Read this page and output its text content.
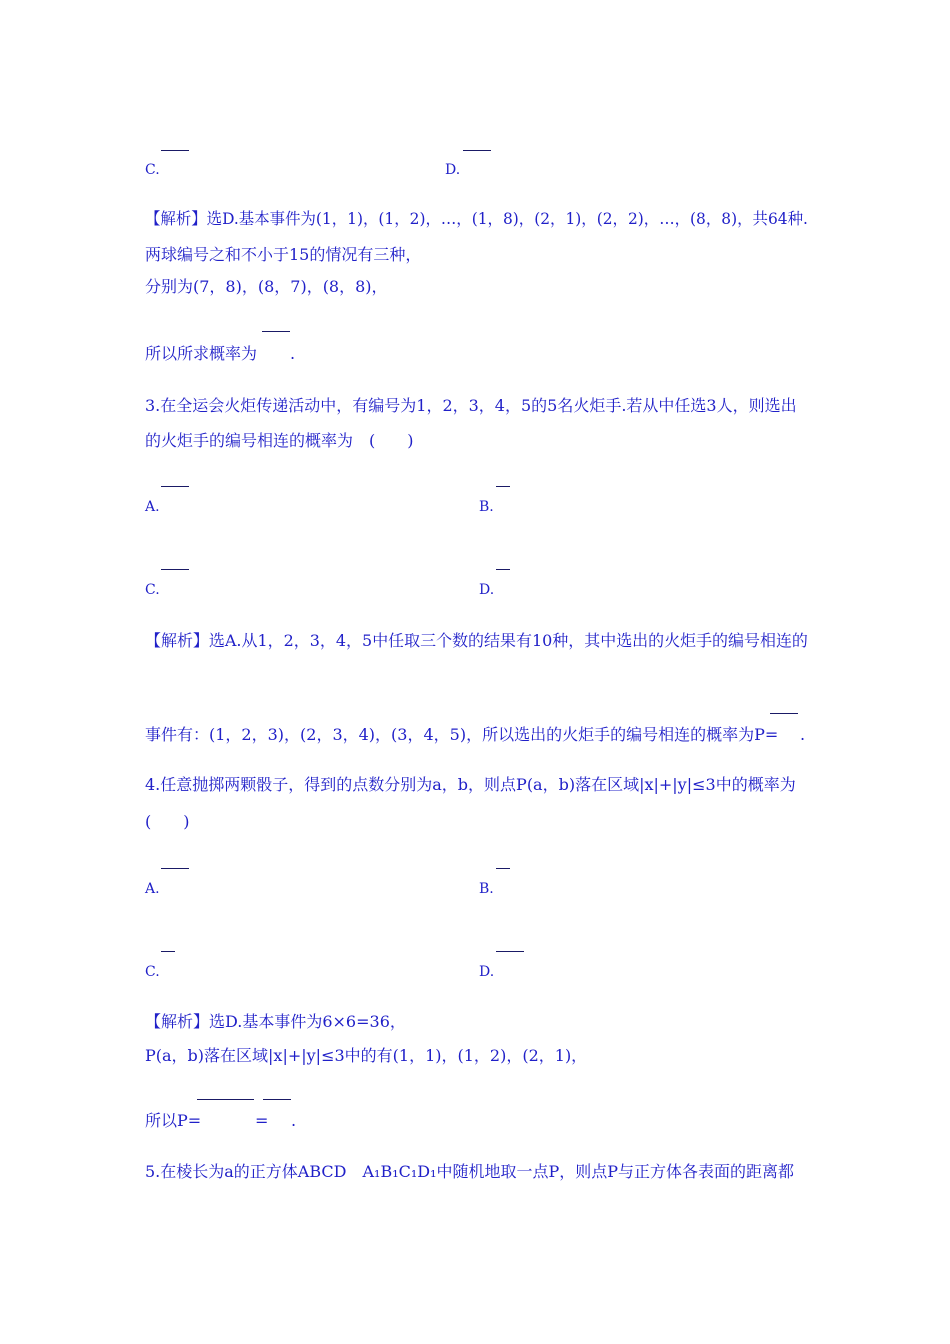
C.	D.
【解析】选D.基本事件为(1，1)，(1，2)，…，(1，8)，(2，1)，(2，2)，…，(8，8)，共64种.
两球编号之和不小于15的情况有三种，
分别为(7，8)，(8，7)，(8，8)，
所以所求概率为 .
3.在全运会火炬传递活动中，有编号为1，2，3，4，5的5名火炬手.若从中任选3人，则选出
的火炬手的编号相连的概率为　(　　)
A.	B.
C.	D.
【解析】选A.从1，2，3，4，5中任取三个数的结果有10种，其中选出的火炬手的编号相连的
事件有：(1，2，3)，(2，3，4)，(3，4，5)，所以选出的火炬手的编号相连的概率为P= .
4.任意抛掷两颗骰子，得到的点数分别为a，b，则点P(a，b)落在区域|x|+|y|≤3中的概率为
(　　)
A.	B.
C.	D.
【解析】选D.基本事件为6×6=36，
P(a，b)落在区域|x|+|y|≤3中的有(1，1)，(1，2)，(2，1)，
所以P=	= .
5.在棱长为a的正方体ABCD　A₁B₁C₁D₁中随机地取一点P，则点P与正方体各表面的距离都
